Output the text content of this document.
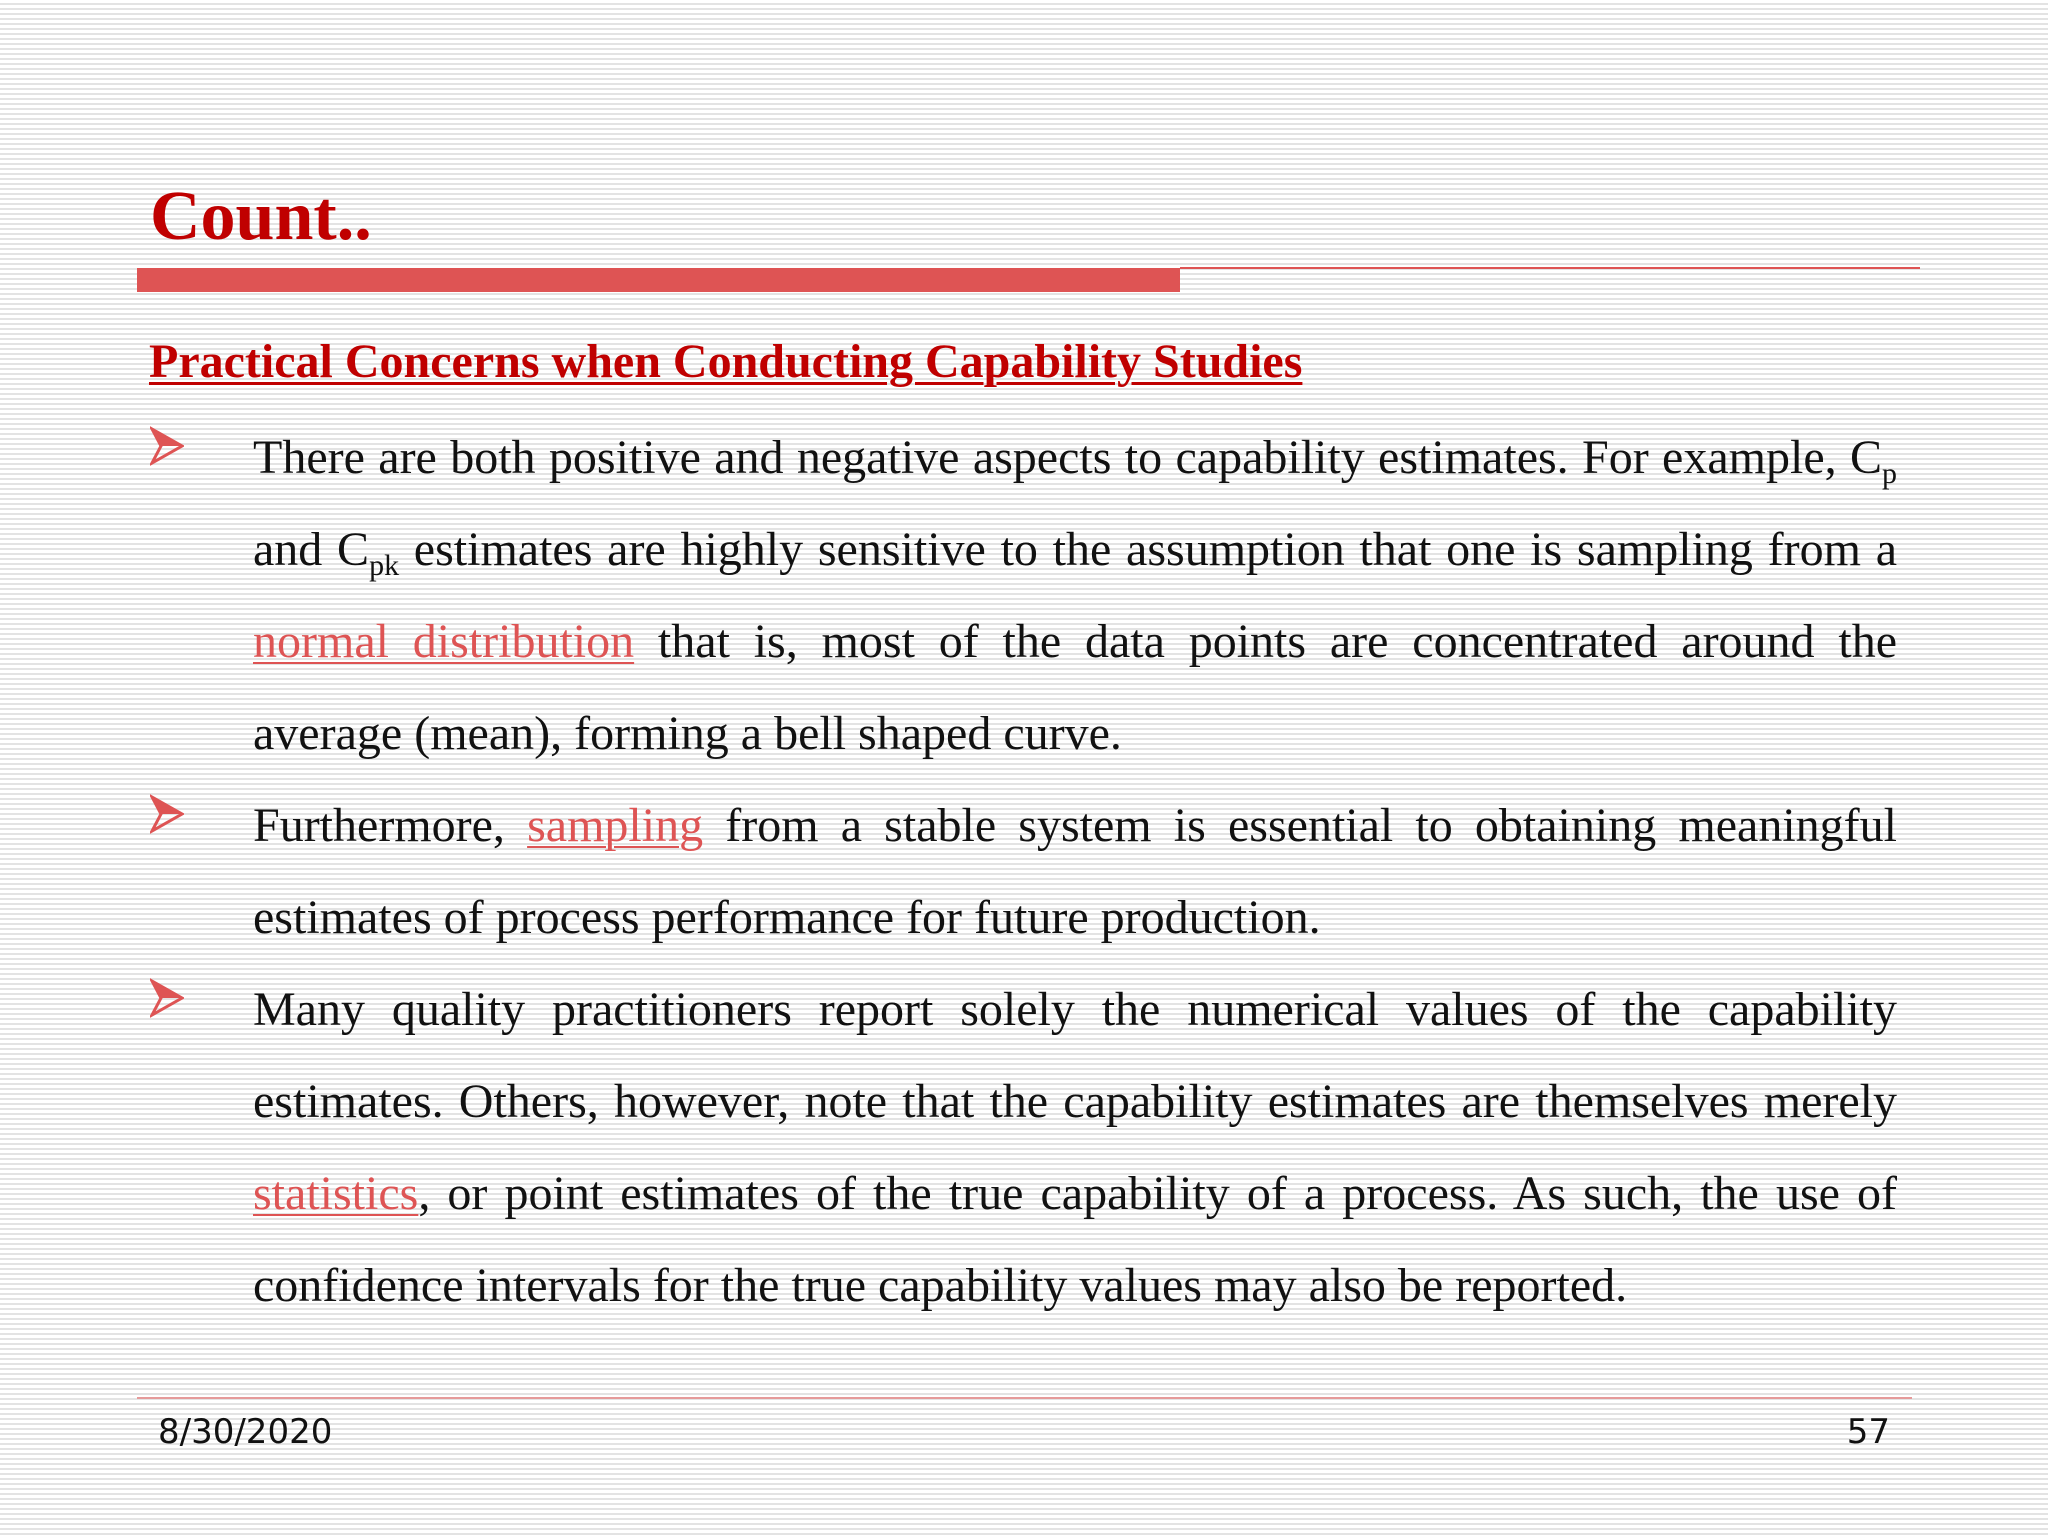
Count..
Practical Concerns when Conducting Capability Studies

There are both positive and negative aspects to capability estimates. For example, $C_p$ and $C_{pk}$ estimates are highly sensitive to the assumption that one is sampling from a normal distribution that is, most of the data points are concentrated around the average (mean), forming a bell shaped curve.

Furthermore, sampling from a stable system is essential to obtaining meaningful estimates of process performance for future production.

Many quality practitioners report solely the numerical values of the capability estimates. Others, however, note that the capability estimates are themselves merely statistics, or point estimates of the true capability of a process. As such, the use of confidence intervals for the true capability values may also be reported.

8/30/2020	57
